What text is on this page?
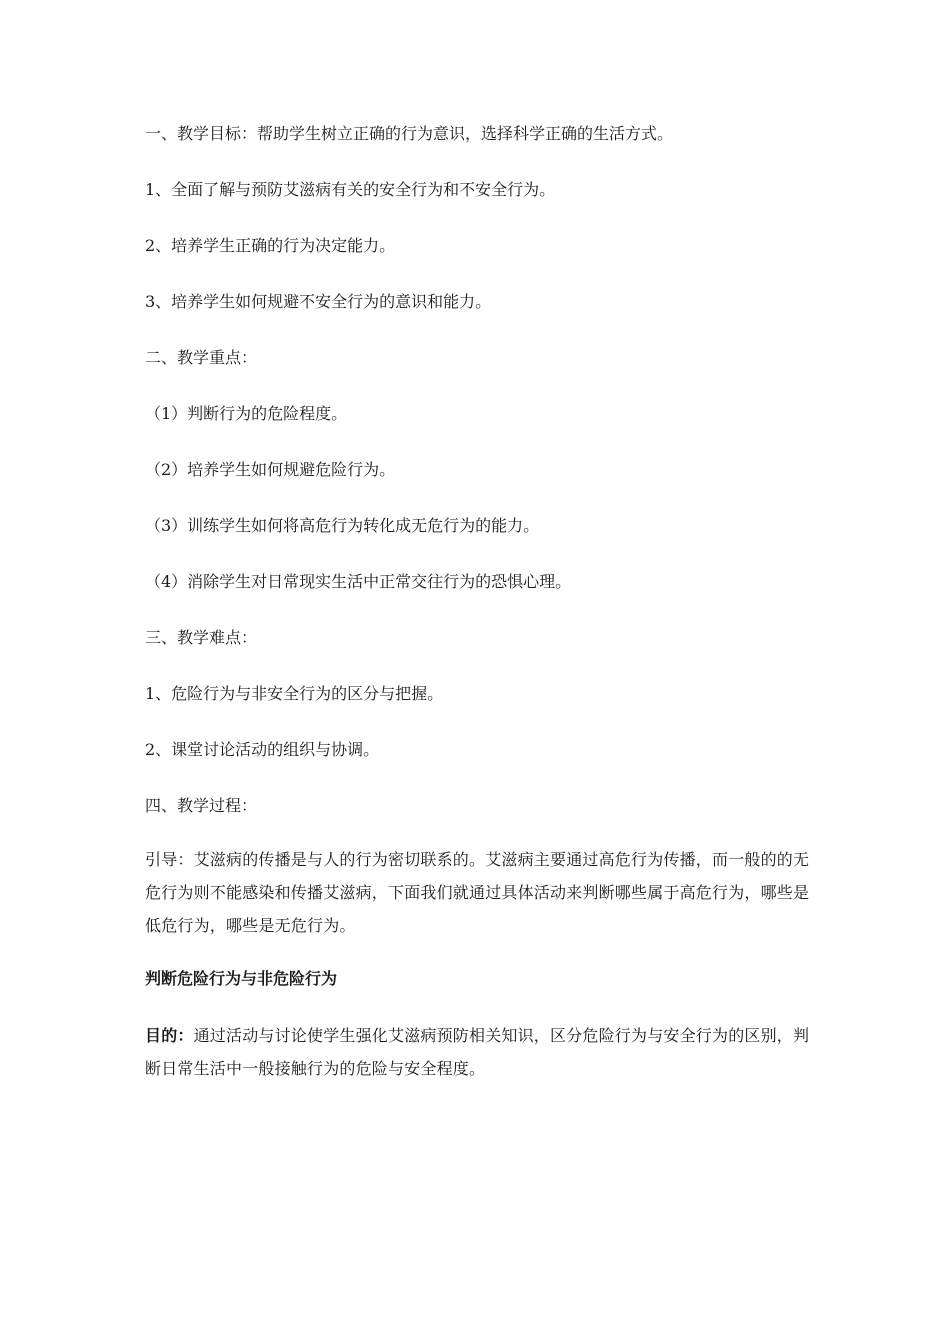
一、教学目标：帮助学生树立正确的行为意识，选择科学正确的生活方式。

1、全面了解与预防艾滋病有关的安全行为和不安全行为。

2、培养学生正确的行为决定能力。

3、培养学生如何规避不安全行为的意识和能力。

二、教学重点：

（1）判断行为的危险程度。

（2）培养学生如何规避危险行为。

（3）训练学生如何将高危行为转化成无危行为的能力。

（4）消除学生对日常现实生活中正常交往行为的恐惧心理。

三、教学难点：

1、危险行为与非安全行为的区分与把握。

2、课堂讨论活动的组织与协调。

四、教学过程：

引导：艾滋病的传播是与人的行为密切联系的。艾滋病主要通过高危行为传播，而一般的的无危行为则不能感染和传播艾滋病，下面我们就通过具体活动来判断哪些属于高危行为，哪些是低危行为，哪些是无危行为。

判断危险行为与非危险行为

目的：通过活动与讨论使学生强化艾滋病预防相关知识，区分危险行为与安全行为的区别，判断日常生活中一般接触行为的危险与安全程度。
